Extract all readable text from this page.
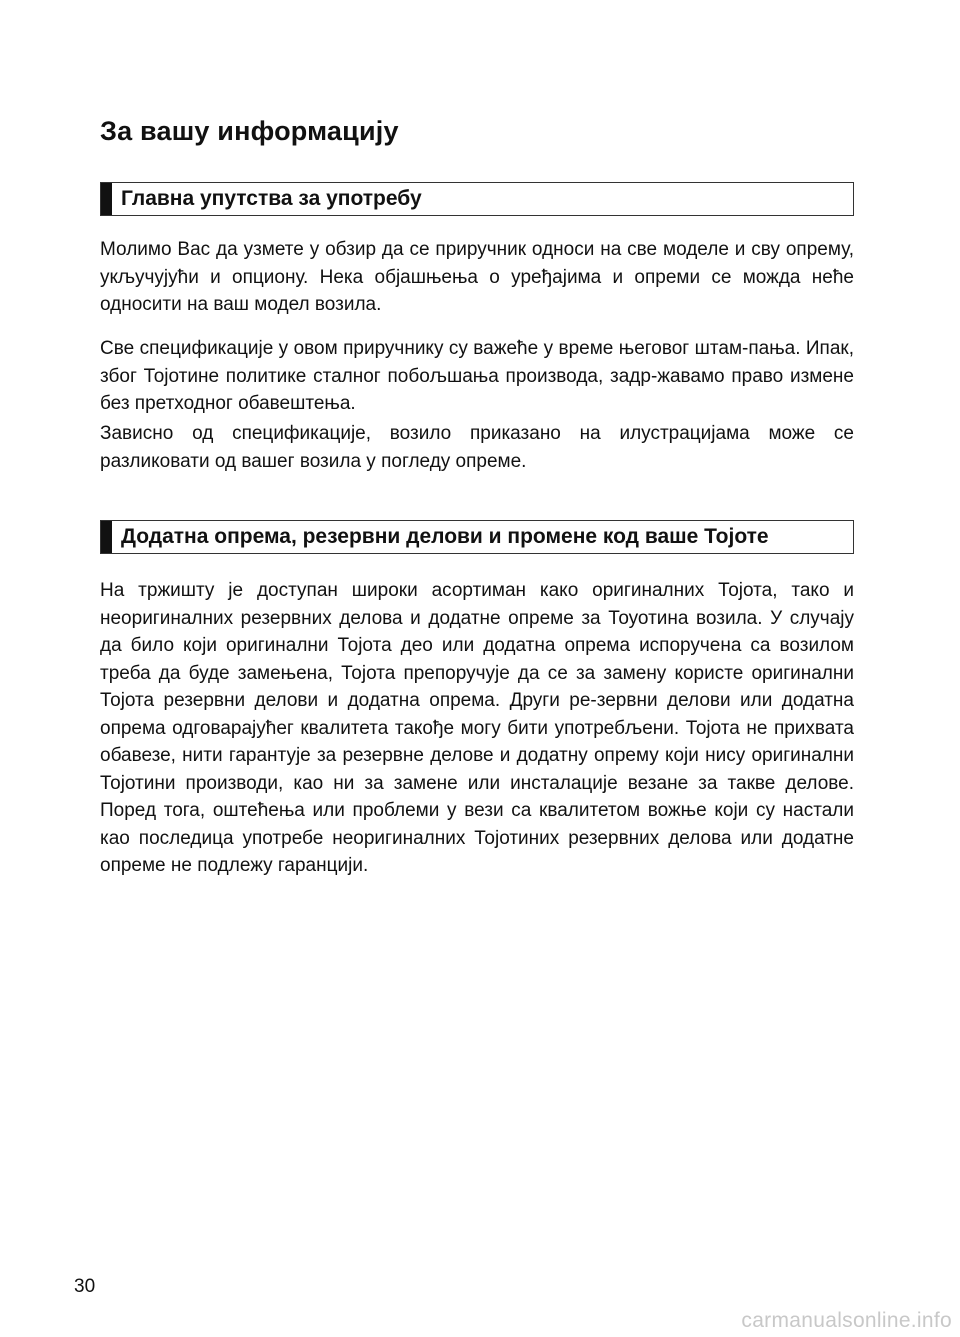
За вашу информацију
Главна упутства за употребу

Молимо Вас да узмете у обзир да се приручник односи на све моделе и сву опрему, укључујући и опциону. Нека објашњења о уређајима и опреми се можда неће односити на ваш модел возила.

Све спецификације у овом приручнику су важеће у време његовог штам-пања. Ипак, због Тојотине политике сталног побољшања производа, задр-жавамо право измене без претходног обавештења.

Зависно од спецификације, возило приказано на илустрацијама може се разликовати од вашег возила у погледу опреме.

Додатна опрема, резервни делови и промене код ваше Тојоте

На тржишту је доступан широки асортиман како оригиналних Тојота, тако и неоригиналних резервних делова и додатне опреме за Тоуотина возила. У случају да било који оригинални Тојота део или додатна опрема испоручена са возилом треба да буде замењена, Тојота препоручује да се за замену користе оригинални Тојота резервни делови и додатна опрема. Други ре-зервни делови или додатна опрема одговарајућег квалитета такође могу бити употребљени. Тојота не прихвата обавезе, нити гарантује за резервне делове и додатну опрему који нису оригинални Тојотини производи, као ни за замене или инсталације везане за такве делове. Поред тога, оштећења или проблеми у вези са квалитетом вожње који су настали као последица употребе неоригиналних Тојотиних резервних делова или додатне опреме не подлежу гаранцији.

30
carmanualsonline.info
